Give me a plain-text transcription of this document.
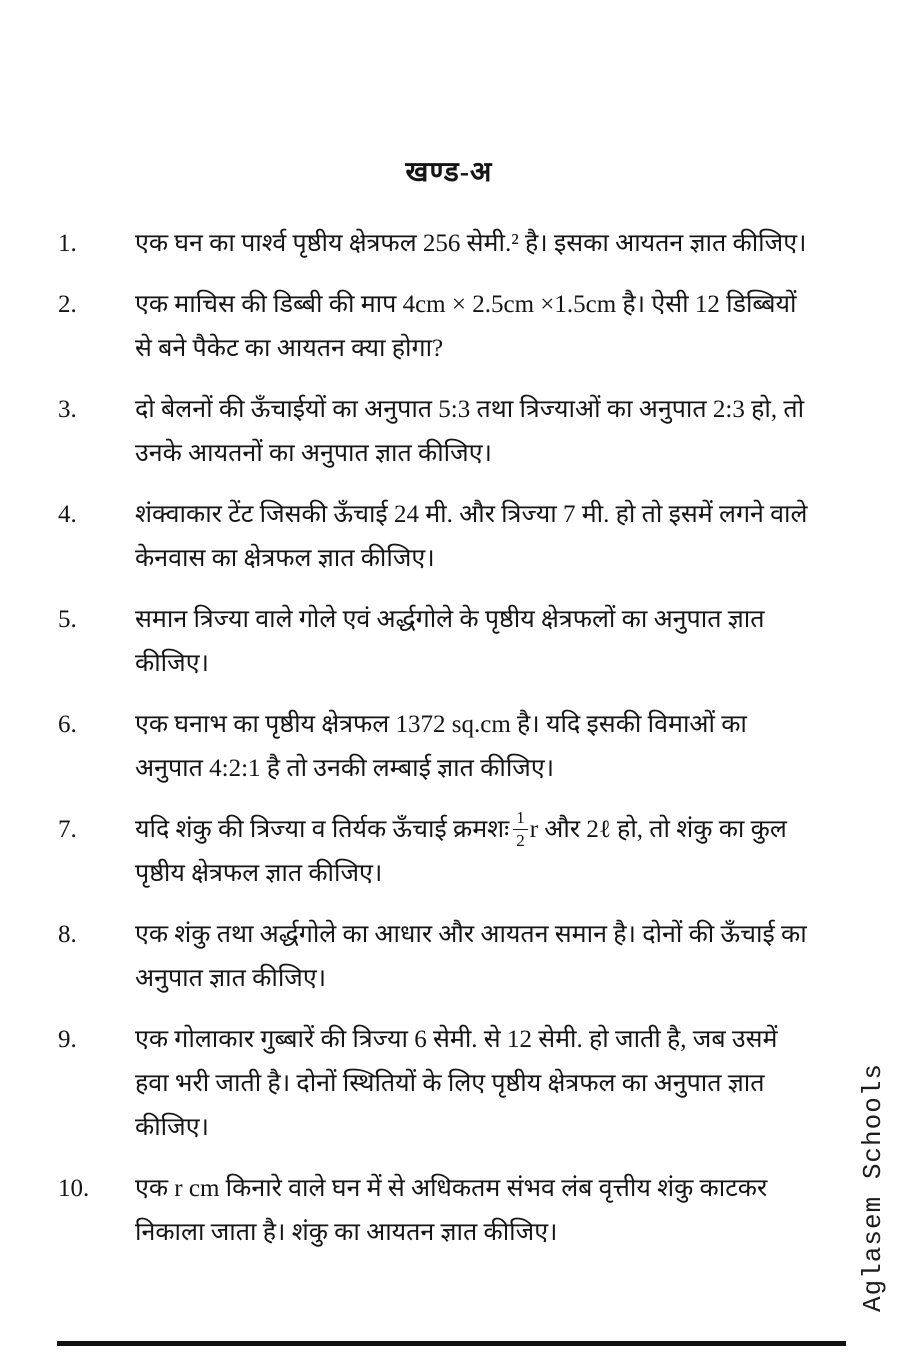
खण्ड-अ
1.	एक घन का पार्श्व पृष्ठीय क्षेत्रफल 256 सेमी.² है। इसका आयतन ज्ञात कीजिए।
2.	एक माचिस की डिब्बी की माप 4cm × 2.5cm ×1.5cm है। ऐसी 12 डिब्बियों से बने पैकेट का आयतन क्या होगा?
3.	दो बेलनों की ऊँचाईयों का अनुपात 5:3 तथा त्रिज्याओं का अनुपात 2:3 हो, तो उनके आयतनों का अनुपात ज्ञात कीजिए।
4.	शंक्वाकार टेंट जिसकी ऊँचाई 24 मी. और त्रिज्या 7 मी. हो तो इसमें लगने वाले केनवास का क्षेत्रफल ज्ञात कीजिए।
5.	समान त्रिज्या वाले गोले एवं अर्द्धगोले के पृष्ठीय क्षेत्रफलों का अनुपात ज्ञात कीजिए।
6.	एक घनाभ का पृष्ठीय क्षेत्रफल 1372 sq.cm है। यदि इसकी विमाओं का अनुपात 4:2:1 है तो उनकी लम्बाई ज्ञात कीजिए।
7.	यदि शंकु की त्रिज्या व तिर्यक ऊँचाई क्रमशः $\frac{1}{2}$ r और 2ℓ हो, तो शंकु का कुल पृष्ठीय क्षेत्रफल ज्ञात कीजिए।
8.	एक शंकु तथा अर्द्धगोले का आधार और आयतन समान है। दोनों की ऊँचाई का अनुपात ज्ञात कीजिए।
9.	एक गोलाकार गुब्बारें की त्रिज्या 6 सेमी. से 12 सेमी. हो जाती है, जब उसमें हवा भरी जाती है। दोनों स्थितियों के लिए पृष्ठीय क्षेत्रफल का अनुपात ज्ञात कीजिए।
10.	एक r cm किनारे वाले घन में से अधिकतम संभव लंब वृत्तीय शंकु काटकर निकाला जाता है। शंकु का आयतन ज्ञात कीजिए।	Aglasem Schools
